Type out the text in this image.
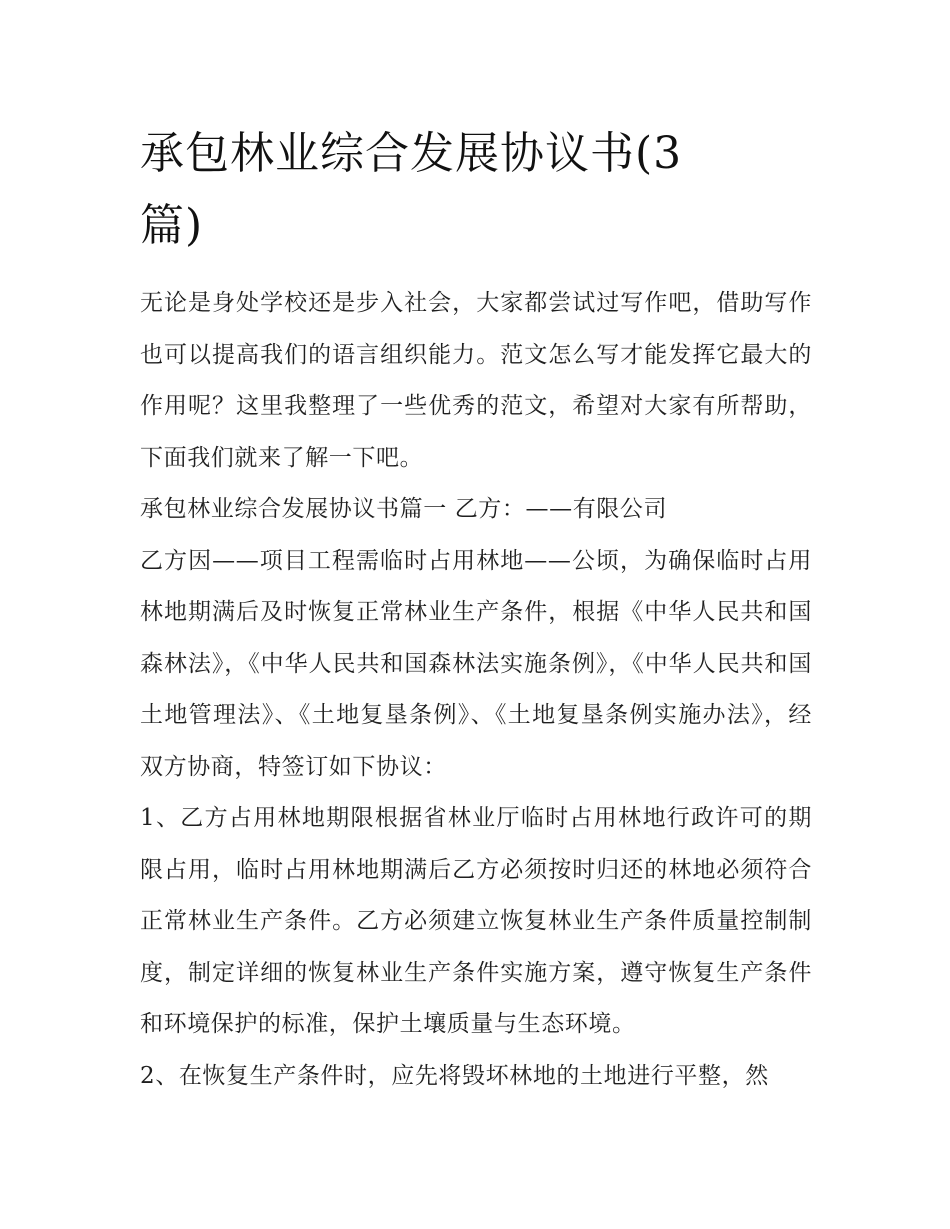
承包林业综合发展协议书(3
篇)

无论是身处学校还是步入社会，大家都尝试过写作吧，借助写作也可以提高我们的语言组织能力。范文怎么写才能发挥它最大的作用呢？这里我整理了一些优秀的范文，希望对大家有所帮助，下面我们就来了解一下吧。

承包林业综合发展协议书篇一 乙方：——有限公司

乙方因——项目工程需临时占用林地——公顷，为确保临时占用林地期满后及时恢复正常林业生产条件，根据《中华人民共和国森林法》，《中华人民共和国森林法实施条例》，《中华人民共和国土地管理法》、《土地复垦条例》、《土地复垦条例实施办法》，经双方协商，特签订如下协议：

1、乙方占用林地期限根据省林业厅临时占用林地行政许可的期限占用，临时占用林地期满后乙方必须按时归还的林地必须符合正常林业生产条件。乙方必须建立恢复林业生产条件质量控制制度，制定详细的恢复林业生产条件实施方案，遵守恢复生产条件和环境保护的标准，保护土壤质量与生态环境。

2、在恢复生产条件时，应先将毁坏林地的土地进行平整，然
